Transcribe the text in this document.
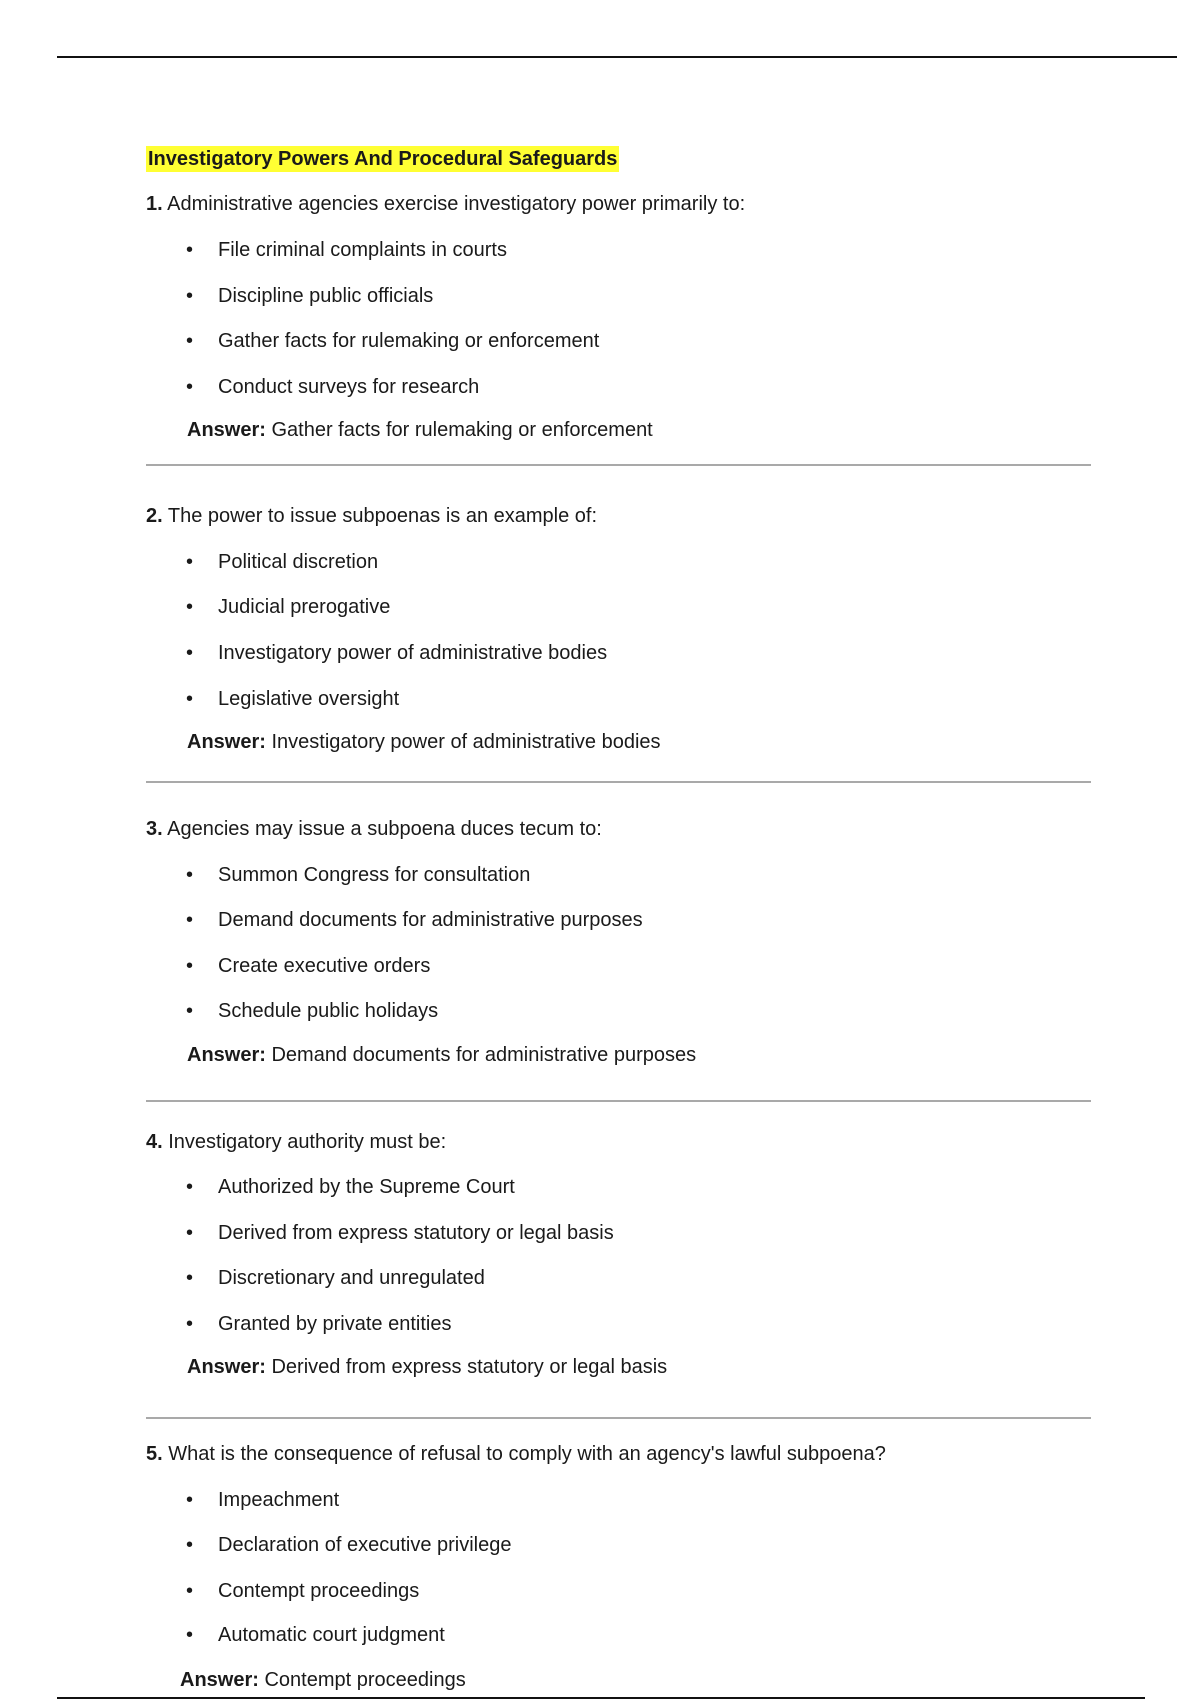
Investigatory Powers And Procedural Safeguards
1. Administrative agencies exercise investigatory power primarily to:
• File criminal complaints in courts
• Discipline public officials
• Gather facts for rulemaking or enforcement
• Conduct surveys for research
Answer: Gather facts for rulemaking or enforcement
2. The power to issue subpoenas is an example of:
• Political discretion
• Judicial prerogative
• Investigatory power of administrative bodies
• Legislative oversight
Answer: Investigatory power of administrative bodies
3. Agencies may issue a subpoena duces tecum to:
• Summon Congress for consultation
• Demand documents for administrative purposes
• Create executive orders
• Schedule public holidays
Answer: Demand documents for administrative purposes
4. Investigatory authority must be:
• Authorized by the Supreme Court
• Derived from express statutory or legal basis
• Discretionary and unregulated
• Granted by private entities
Answer: Derived from express statutory or legal basis
5. What is the consequence of refusal to comply with an agency's lawful subpoena?
• Impeachment
• Declaration of executive privilege
• Contempt proceedings
• Automatic court judgment
Answer: Contempt proceedings
